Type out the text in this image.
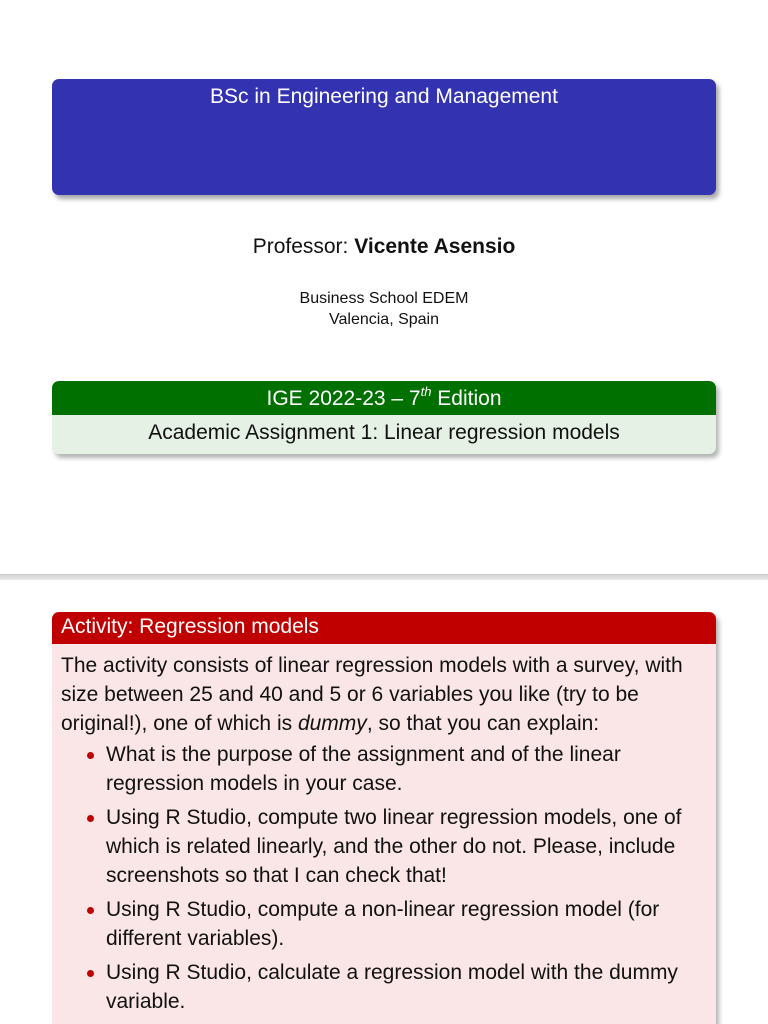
Statistics II
BSc in Engineering and Management
Professor: Vicente Asensio
Business School EDEM
Valencia, Spain
IGE 2022-23 – 7th Edition
Academic Assignment 1: Linear regression models
Activity: Regression models

The activity consists of linear regression models with a survey, with size between 25 and 40 and 5 or 6 variables you like (try to be original!), one of which is dummy, so that you can explain:

What is the purpose of the assignment and of the linear regression models in your case.
Using R Studio, compute two linear regression models, one of which is related linearly, and the other do not. Please, include screenshots so that I can check that!
Using R Studio, compute a non-linear regression model (for different variables).
Using R Studio, calculate a regression model with the dummy variable.
